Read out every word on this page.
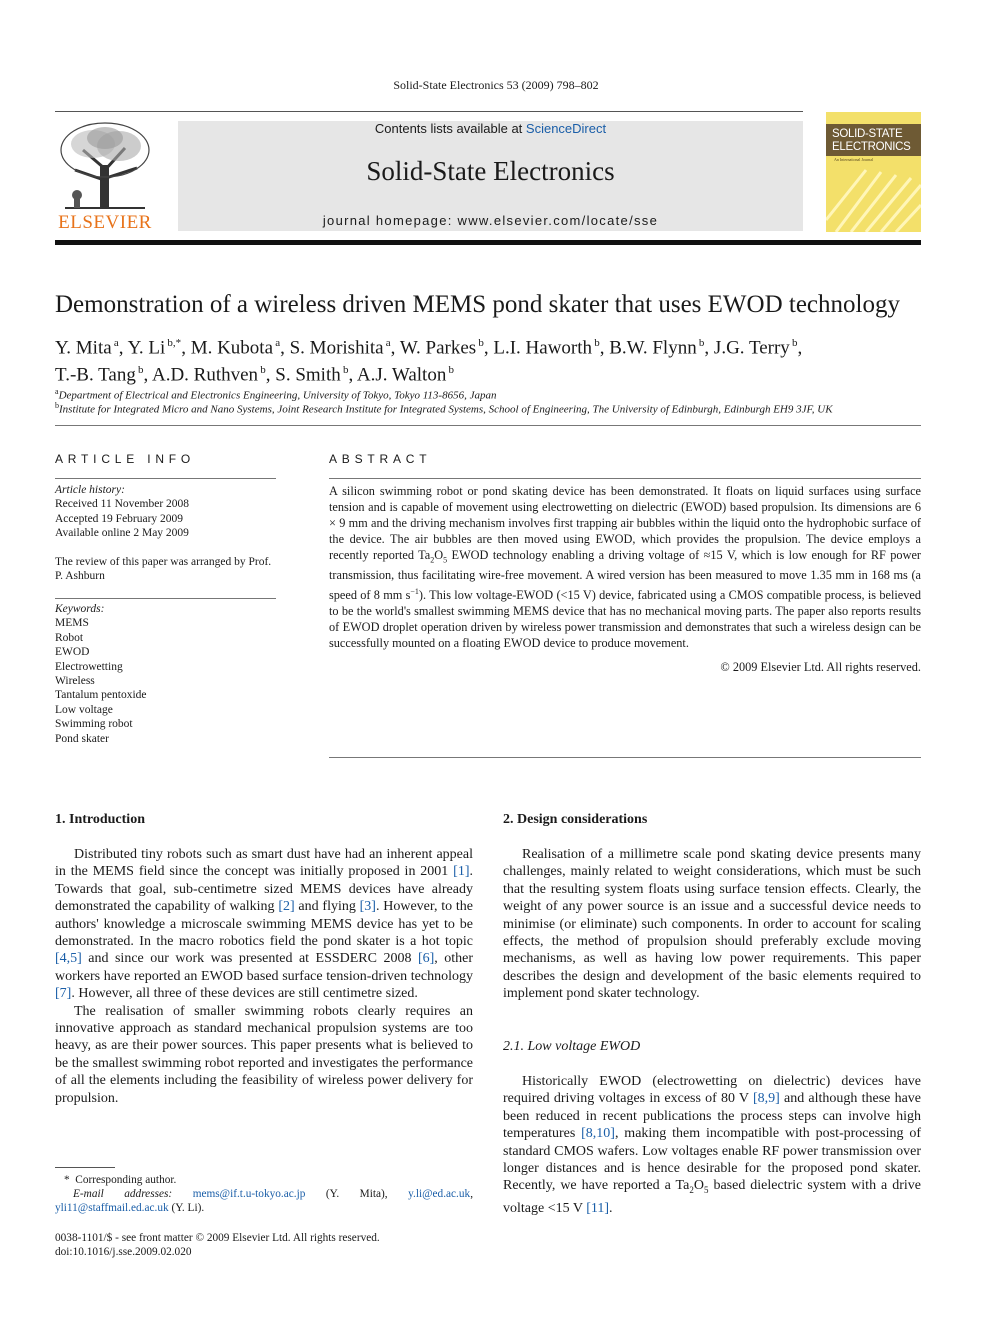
Solid-State Electronics 53 (2009) 798–802
ELSEVIER
Contents lists available at ScienceDirect
Solid-State Electronics
journal homepage: www.elsevier.com/locate/sse
SOLID-STATE
ELECTRONICS
An International Journal
Demonstration of a wireless driven MEMS pond skater that uses EWOD technology
Y. Mita $^a$, Y. Li $^{b,*}$, M. Kubota $^a$, S. Morishita $^a$, W. Parkes $^b$, L.I. Haworth $^b$, B.W. Flynn $^b$, J.G. Terry $^b$,
T.-B. Tang $^b$, A.D. Ruthven $^b$, S. Smith $^b$, A.J. Walton $^b$
$^a$Department of Electrical and Electronics Engineering, University of Tokyo, Tokyo 113-8656, Japan
$^b$Institute for Integrated Micro and Nano Systems, Joint Research Institute for Integrated Systems, School of Engineering, The University of Edinburgh, Edinburgh EH9 3JF, UK
ARTICLE INFO
Article history:
Received 11 November 2008
Accepted 19 February 2009
Available online 2 May 2009
The review of this paper was arranged by Prof. P. Ashburn
Keywords:
MEMS
Robot
EWOD
Electrowetting
Wireless
Tantalum pentoxide
Low voltage
Swimming robot
Pond skater
ABSTRACT
A silicon swimming robot or pond skating device has been demonstrated. It floats on liquid surfaces using surface tension and is capable of movement using electrowetting on dielectric (EWOD) based propulsion. Its dimensions are 6 × 9 mm and the driving mechanism involves first trapping air bubbles within the liquid onto the hydrophobic surface of the device. The air bubbles are then moved using EWOD, which provides the propulsion. The device employs a recently reported $Ta_2O_5$ EWOD technology enabling a driving voltage of ≈15 V, which is low enough for RF power transmission, thus facilitating wire-free movement. A wired version has been measured to move 1.35 mm in 168 ms (a speed of 8 mm $s^{-1}$). This low voltage-EWOD (<15 V) device, fabricated using a CMOS compatible process, is believed to be the world's smallest swimming MEMS device that has no mechanical moving parts. The paper also reports results of EWOD droplet operation driven by wireless power transmission and demonstrates that such a wireless design can be successfully mounted on a floating EWOD device to produce movement.
© 2009 Elsevier Ltd. All rights reserved.
1. Introduction

Distributed tiny robots such as smart dust have had an inherent appeal in the MEMS field since the concept was initially proposed in 2001 [1]. Towards that goal, sub-centimetre sized MEMS devices have already demonstrated the capability of walking [2] and flying [3]. However, to the authors' knowledge a microscale swimming MEMS device has yet to be demonstrated. In the macro robotics field the pond skater is a hot topic [4,5] and since our work was presented at ESSDERC 2008 [6], other workers have reported an EWOD based surface tension-driven technology [7]. However, all three of these devices are still centimetre sized.

The realisation of smaller swimming robots clearly requires an innovative approach as standard mechanical propulsion systems are too heavy, as are their power sources. This paper presents what is believed to be the smallest swimming robot reported and investigates the performance of all the elements including the feasibility of wireless power delivery for propulsion.

2. Design considerations

Realisation of a millimetre scale pond skating device presents many challenges, mainly related to weight considerations, which must be such that the resulting system floats using surface tension effects. Clearly, the weight of any power source is an issue and a successful device needs to minimise (or eliminate) such components. In order to account for scaling effects, the method of propulsion should preferably exclude moving mechanisms, as well as having low power requirements. This paper describes the design and development of the basic elements required to implement pond skater technology.

2.1. Low voltage EWOD

Historically EWOD (electrowetting on dielectric) devices have required driving voltages in excess of 80 V [8,9] and although these have been reduced in recent publications the process steps can involve high temperatures [8,10], making them incompatible with post-processing of standard CMOS wafers. Low voltages enable RF power transmission over longer distances and is hence desirable for the proposed pond skater. Recently, we have reported a $Ta_2O_5$ based dielectric system with a drive voltage <15 V [11].

*  Corresponding author.
E-mail addresses: mems@if.t.u-tokyo.ac.jp (Y. Mita), y.li@ed.ac.uk, yli11@staffmail.ed.ac.uk (Y. Li).
0038-1101/$ - see front matter © 2009 Elsevier Ltd. All rights reserved.
doi:10.1016/j.sse.2009.02.020
